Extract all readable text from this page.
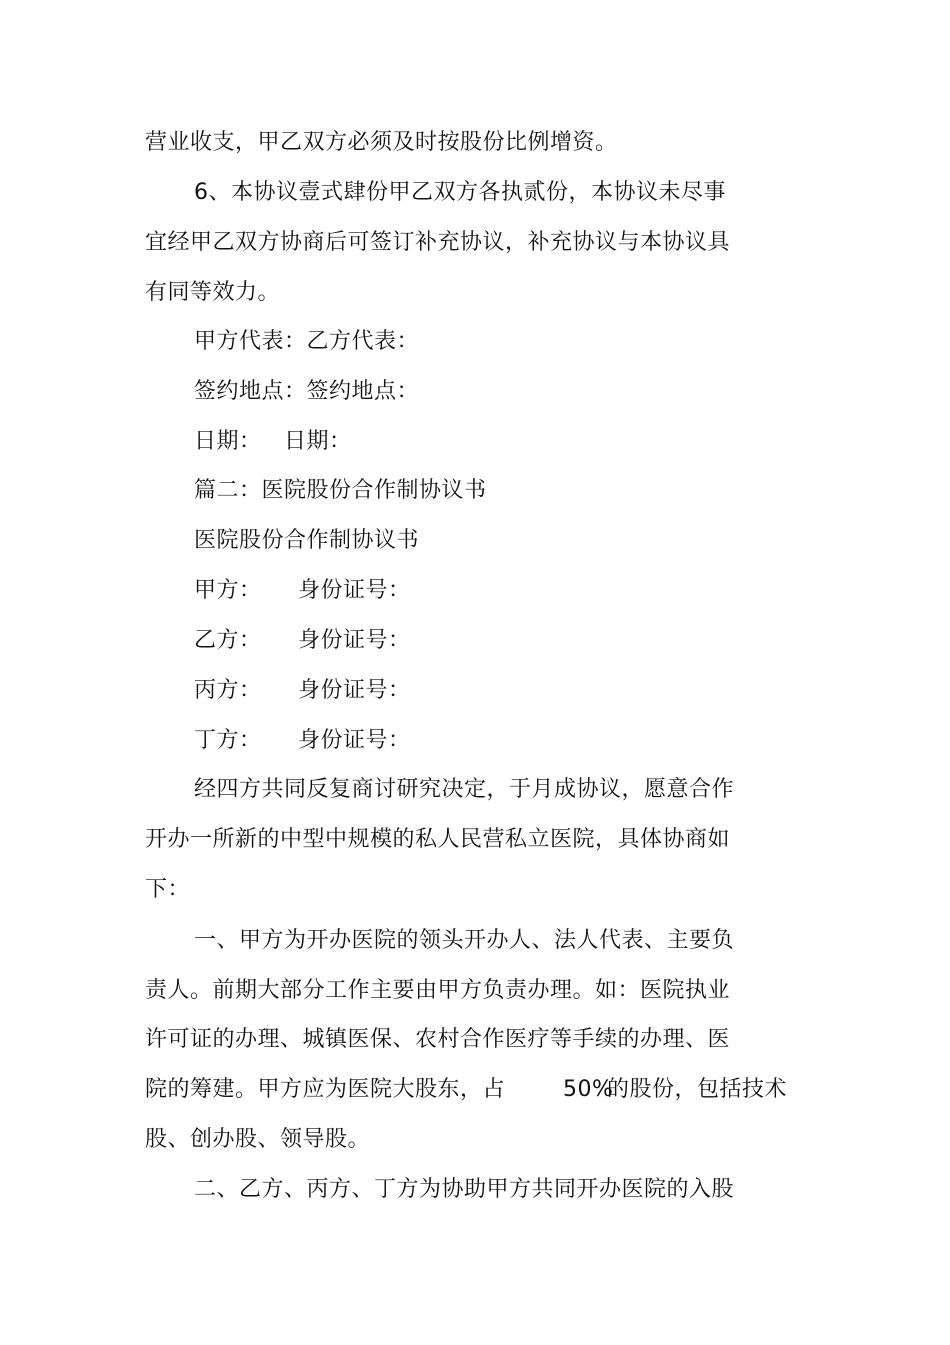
营业收支，甲乙双方必须及时按股份比例增资。
6、本协议壹式肆份甲乙双方各执贰份，本协议未尽事
宜经甲乙双方协商后可签订补充协议，补充协议与本协议具
有同等效力。
甲方代表：乙方代表：
签约地点：签约地点：
日期： 日期：
篇二：医院股份合作制协议书
医院股份合作制协议书
甲方： 身份证号：
乙方： 身份证号：
丙方： 身份证号：
丁方： 身份证号：
经四方共同反复商讨研究决定，于月成协议，愿意合作
开办一所新的中型中规模的私人民营私立医院，具体协商如
下：
一、甲方为开办医院的领头开办人、法人代表、主要负
责人。前期大部分工作主要由甲方负责办理。如：医院执业
许可证的办理、城镇医保、农村合作医疗等手续的办理、医
院的筹建。甲方应为医院大股东，占	50%
的股份，包括技术
股、创办股、领导股。
二、乙方、丙方、丁方为协助甲方共同开办医院的入股
